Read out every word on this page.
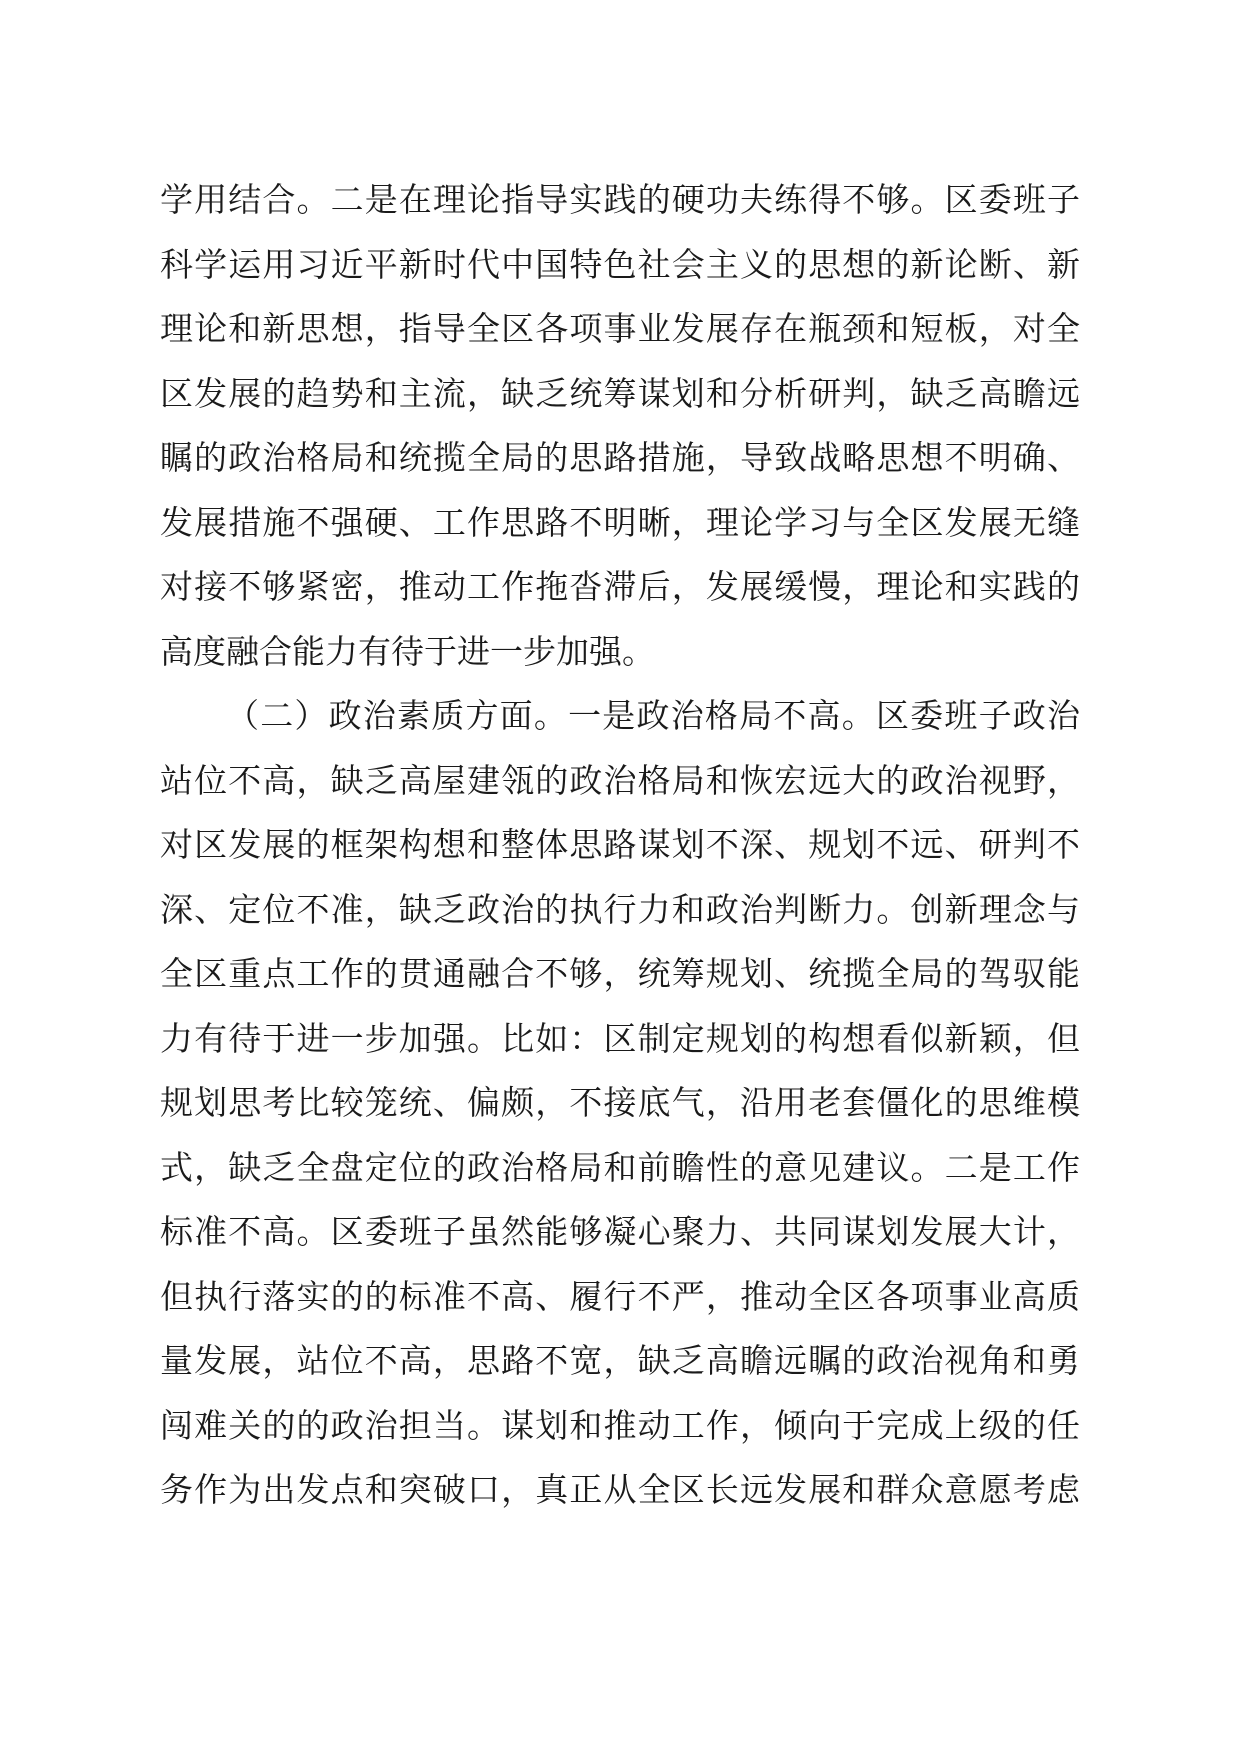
学用结合。二是在理论指导实践的硬功夫练得不够。区委班子
科学运用习近平新时代中国特色社会主义的思想的新论断、新
理论和新思想，指导全区各项事业发展存在瓶颈和短板，对全
区发展的趋势和主流，缺乏统筹谋划和分析研判，缺乏高瞻远
瞩的政治格局和统揽全局的思路措施，导致战略思想不明确、
发展措施不强硬、工作思路不明晰，理论学习与全区发展无缝
对接不够紧密，推动工作拖沓滞后，发展缓慢，理论和实践的
高度融合能力有待于进一步加强。
（二）政治素质方面。一是政治格局不高。区委班子政治
站位不高，缺乏高屋建瓴的政治格局和恢宏远大的政治视野，
对区发展的框架构想和整体思路谋划不深、规划不远、研判不
深、定位不准，缺乏政治的执行力和政治判断力。创新理念与
全区重点工作的贯通融合不够，统筹规划、统揽全局的驾驭能
力有待于进一步加强。比如：区制定规划的构想看似新颖，但
规划思考比较笼统、偏颇，不接底气，沿用老套僵化的思维模
式，缺乏全盘定位的政治格局和前瞻性的意见建议。二是工作
标准不高。区委班子虽然能够凝心聚力、共同谋划发展大计，
但执行落实的的标准不高、履行不严，推动全区各项事业高质
量发展，站位不高，思路不宽，缺乏高瞻远瞩的政治视角和勇
闯难关的的政治担当。谋划和推动工作，倾向于完成上级的任
务作为出发点和突破口，真正从全区长远发展和群众意愿考虑
